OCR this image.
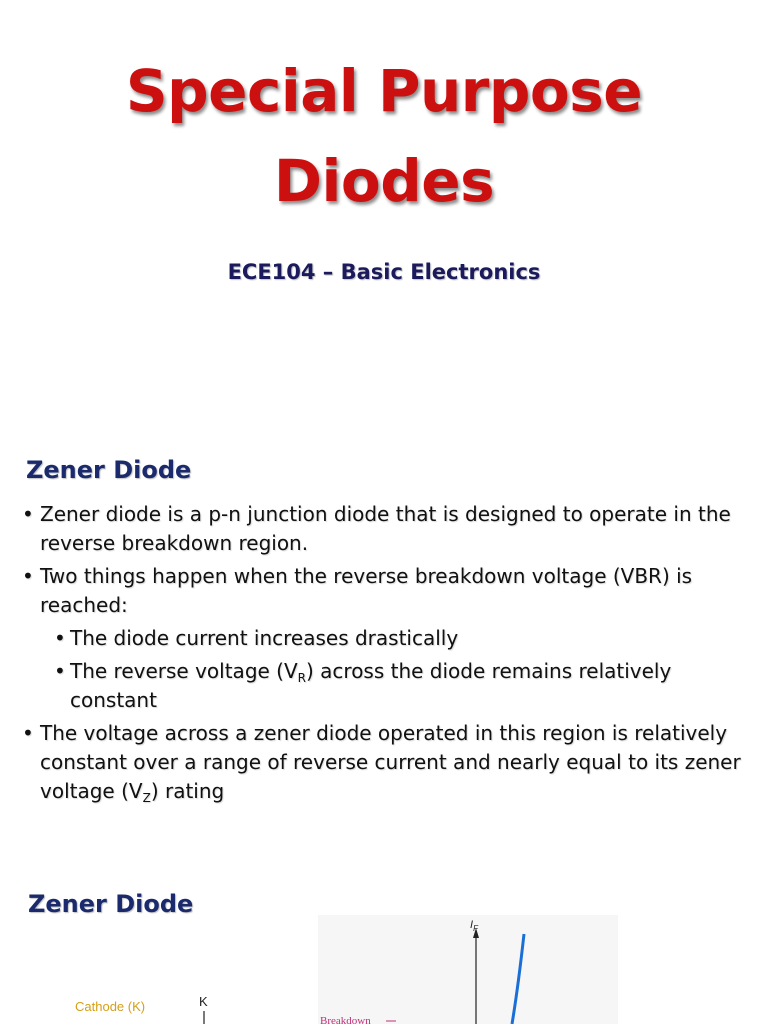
Special Purpose
Diodes
ECE104 – Basic Electronics
Zener Diode
• Zener diode is a p-n junction diode that is designed to operate in the reverse breakdown region.
• Two things happen when the reverse breakdown voltage (VBR) is reached:
• The diode current increases drastically
• The reverse voltage $(V_R)$ across the diode remains relatively constant
• The voltage across a zener diode operated in this region is relatively constant over a range of reverse current and nearly equal to its zener voltage $(V_Z)$ rating
$I_F$
Cathode (K)	K
Breakdown
Zener Diode
